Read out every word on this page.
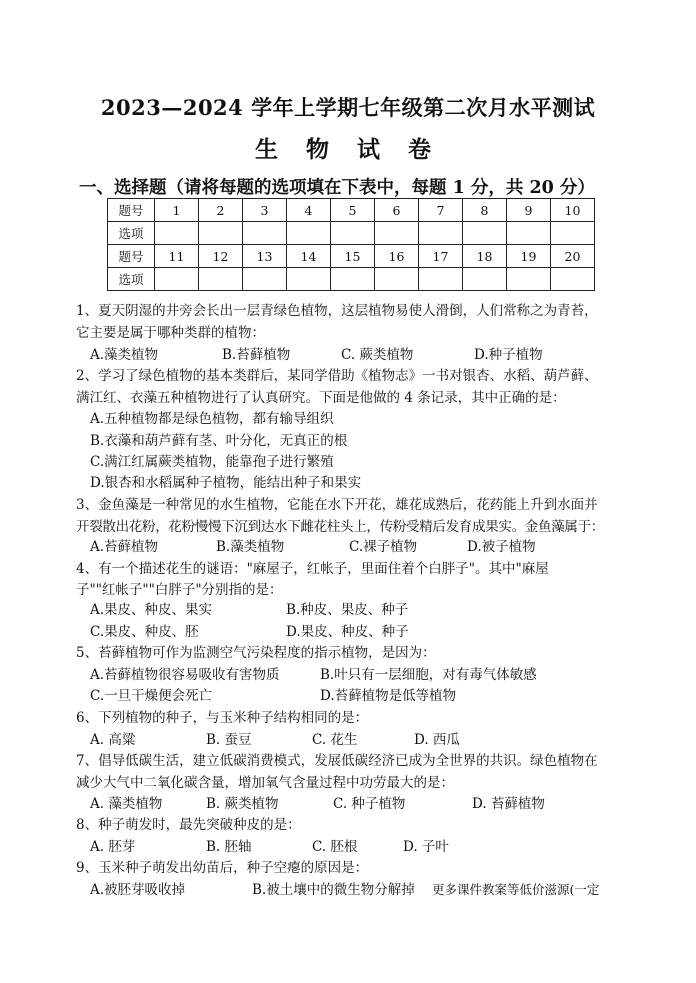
2023—2024 学年上学期七年级第二次月水平测试
生 物 试 卷
一、选择题（请将每题的选项填在下表中，每题 1 分，共 20 分）
题号	1	2	3	4	5	6	7	8	9	10
选项										
题号	11	12	13	14	15	16	17	18	19	20
选项										
1、夏天阴湿的井旁会长出一层青绿色植物，这层植物易使人滑倒，人们常称之为青苔，
它主要是属于哪种类群的植物：
A.藻类植物	B.苔藓植物	C. 蕨类植物	D.种子植物
2、学习了绿色植物的基本类群后，某同学借助《植物志》一书对银杏、水稻、葫芦藓、
满江红、衣藻五种植物进行了认真研究。下面是他做的 4 条记录，其中正确的是：
A.五种植物都是绿色植物，都有输导组织
B.衣藻和葫芦藓有茎、叶分化，无真正的根
C.满江红属蕨类植物，能靠孢子进行繁殖
D.银杏和水稻属种子植物，能结出种子和果实
3、金鱼藻是一种常见的水生植物，它能在水下开花，雄花成熟后，花药能上升到水面并
开裂散出花粉，花粉慢慢下沉到达水下雌花柱头上，传粉受精后发育成果实。金鱼藻属于：
A.苔藓植物	B.藻类植物	C.裸子植物	D.被子植物
4、有一个描述花生的谜语："麻屋子，红帐子，里面住着个白胖子"。其中"麻屋
子""红帐子""白胖子"分别指的是：
A.果皮、种皮、果实	B.种皮、果皮、种子
C.果皮、种皮、胚	D.果皮、种皮、种子
5、苔藓植物可作为监测空气污染程度的指示植物，是因为：
A.苔藓植物很容易吸收有害物质	B.叶只有一层细胞，对有毒气体敏感
C.一旦干燥便会死亡	D.苔藓植物是低等植物
6、下列植物的种子，与玉米种子结构相同的是：
A. 高粱	B. 蚕豆	C. 花生	D. 西瓜
7、倡导低碳生活，建立低碳消费模式，发展低碳经济已成为全世界的共识。绿色植物在
减少大气中二氧化碳含量，增加氧气含量过程中功劳最大的是：
A. 藻类植物	B. 蕨类植物	C. 种子植物	D. 苔藓植物
8、种子萌发时，最先突破种皮的是：
A. 胚芽	B. 胚轴	C. 胚根	D. 子叶
9、玉米种子萌发出幼苗后，种子空瘪的原因是：
A.被胚芽吸收掉	B.被土壤中的微生物分解掉 更多课件教案等低价滋源(一定
